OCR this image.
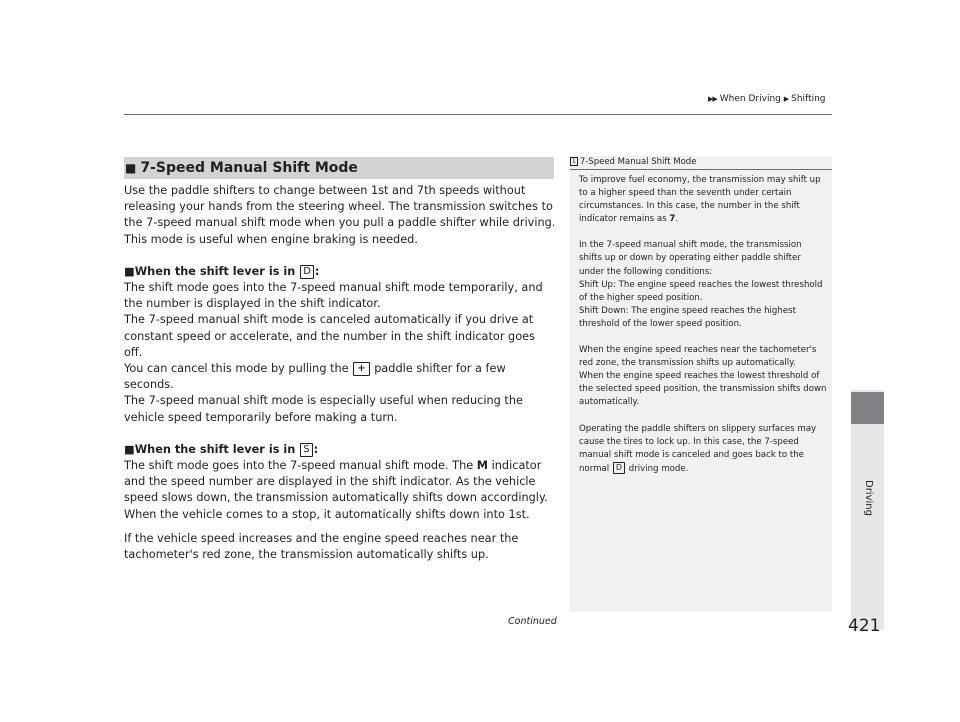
▶▶ When Driving ▶ Shifting
Driving
■ 7-Speed Manual Shift Mode

Use the paddle shifters to change between 1st and 7th speeds without releasing your hands from the steering wheel. The transmission switches to the 7-speed manual shift mode when you pull a paddle shifter while driving. This mode is useful when engine braking is needed.

■When the shift lever is in D :

The shift mode goes into the 7-speed manual shift mode temporarily, and the number is displayed in the shift indicator.

The 7-speed manual shift mode is canceled automatically if you drive at constant speed or accelerate, and the number in the shift indicator goes off.

You can cancel this mode by pulling the + paddle shifter for a few seconds.

The 7-speed manual shift mode is especially useful when reducing the vehicle speed temporarily before making a turn.

■When the shift lever is in S :

The shift mode goes into the 7-speed manual shift mode. The M indicator and the speed number are displayed in the shift indicator. As the vehicle speed slows down, the transmission automatically shifts down accordingly. When the vehicle comes to a stop, it automatically shifts down into 1st.

If the vehicle speed increases and the engine speed reaches near the tachometer's red zone, the transmission automatically shifts up.

1 7-Speed Manual Shift Mode

To improve fuel economy, the transmission may shift up to a higher speed than the seventh under certain circumstances. In this case, the number in the shift indicator remains as 7.

In the 7-speed manual shift mode, the transmission shifts up or down by operating either paddle shifter under the following conditions:

Shift Up: The engine speed reaches the lowest threshold of the higher speed position.

Shift Down: The engine speed reaches the highest threshold of the lower speed position.

When the engine speed reaches near the tachometer's red zone, the transmission shifts up automatically.

When the engine speed reaches the lowest threshold of the selected speed position, the transmission shifts down automatically.

Operating the paddle shifters on slippery surfaces may cause the tires to lock up. In this case, the 7-speed manual shift mode is canceled and goes back to the normal D driving mode.

Continued	421
